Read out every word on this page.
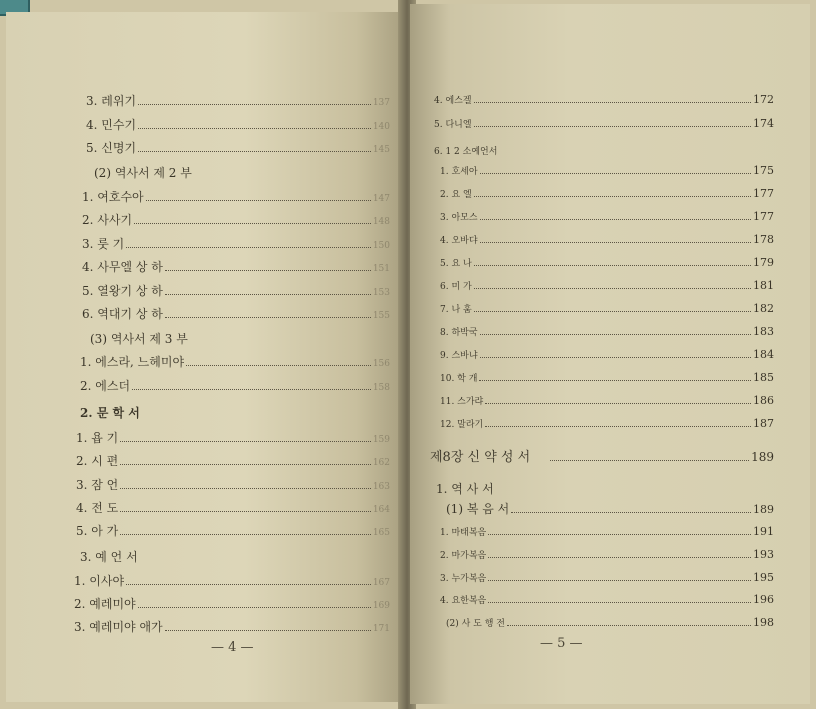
3. 레위기	137
4. 민수기	140
5. 신명기	145
(2) 역사서 제 2 부
1. 여호수아	147
2. 사사기	148
3. 룻 기	150
4. 사무엘 상 하	151
5. 열왕기 상 하	153
6. 역대기 상 하	155
(3) 역사서 제 3 부
1. 에스라, 느헤미야	156
2. 에스더	158
2. 문 학 서
1. 욥 기	159
2. 시 편	162
3. 잠 언	163
4. 전 도	164
5. 아 가	165
3. 예 언 서
1. 이사야	167
2. 예레미야	169
3. 예레미야 애가	171
— 4 —
4. 에스겔	172
5. 다니엘	174
6. 1 2 소예언서
1. 호세아	175
2. 요 엘	177
3. 아모스	177
4. 오바댜	178
5. 요 나	179
6. 미 가	181
7. 나 훔	182
8. 하박국	183
9. 스바냐	184
10. 학 개	185
11. 스가랴	186
12. 말라기	187
제8장 신 약 성 서	189
1. 역 사 서
(1) 복 음 서	189
1. 마태복음	191
2. 마가복음	193
3. 누가복음	195
4. 요한복음	196
(2) 사 도 행 전	198
— 5 —
